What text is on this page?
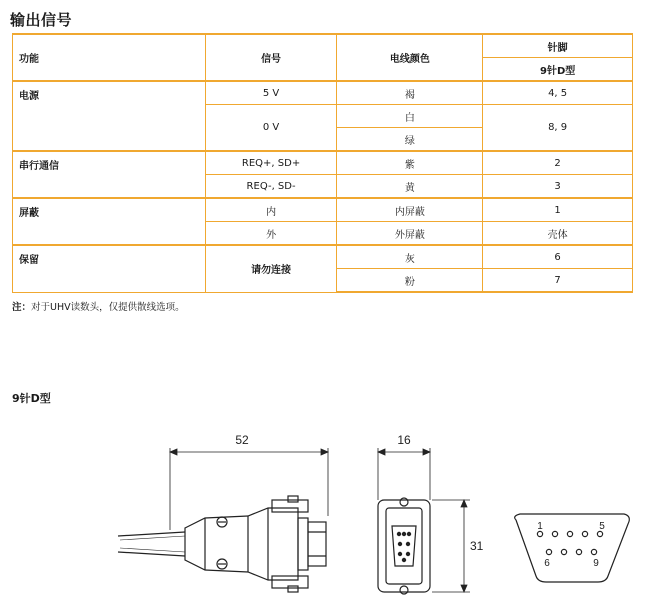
输出信号
功能	信号	电线颜色	针脚
			9针D型
电源	5 V	褐	4, 5
	0 V	白	8, 9
		绿	
串行通信	REQ+, SD+	紫	2
	REQ-, SD-	黄	3
屏蔽	内	内屏蔽	1
	外	外屏蔽	壳体
保留	请勿连接	灰	6
		粉	7
注：对于UHV读数头，仅提供散线选项。
9针D型
52	16
31
1	5
6	9
